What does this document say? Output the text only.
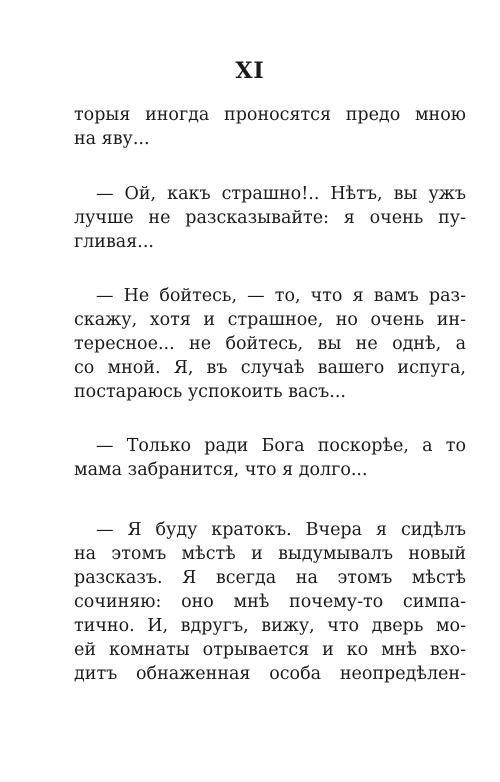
XI
торыя иногда проносятся предо мною
на яву...
— Ой, какъ страшно!.. Нѣтъ, вы ужъ
лучше не разсказывайте: я очень пу-
гливая...
— Не бойтесь, — то, что я вамъ раз-
скажу, хотя и страшное, но очень ин-
тересное... не бойтесь, вы не однѣ, а
со мной. Я, въ случаѣ вашего испуга,
постараюсь успокоить васъ...
— Только ради Бога поскорѣе, а то
мама забранится, что я долго...
— Я буду кратокъ. Вчера я сидѣлъ
на этомъ мѣстѣ и выдумывалъ новый
разсказъ. Я всегда на этомъ мѣстѣ
сочиняю: оно мнѣ почему-то симпа-
тично. И, вдругъ, вижу, что дверь мо-
ей комнаты отрывается и ко мнѣ вхо-
дитъ обнаженная особа неопредѣлен-
